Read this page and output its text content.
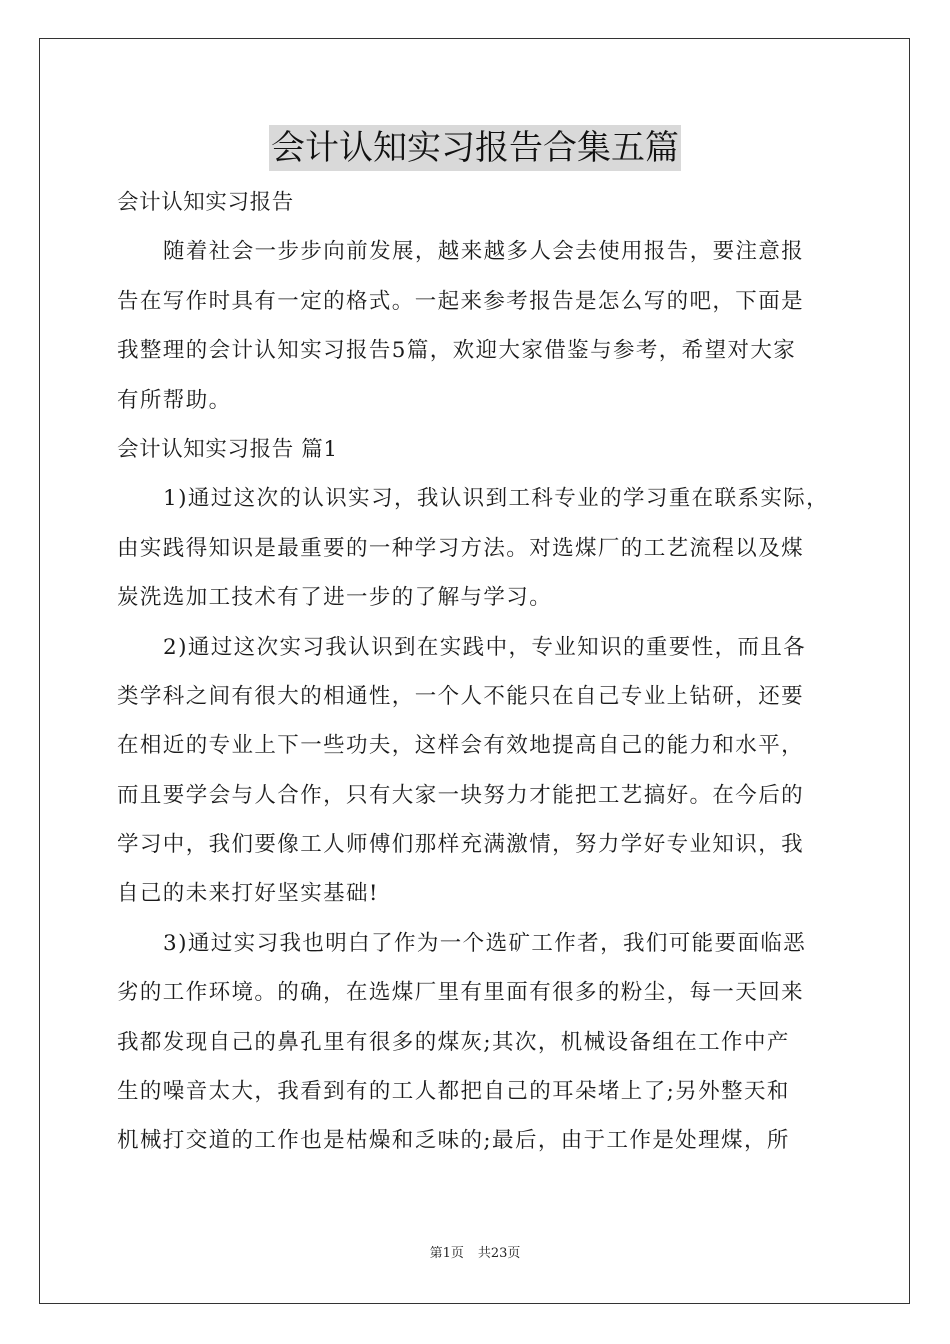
会计认知实习报告合集五篇
会计认知实习报告
随着社会一步步向前发展，越来越多人会去使用报告，要注意报
告在写作时具有一定的格式。一起来参考报告是怎么写的吧，下面是
我整理的会计认知实习报告5篇，欢迎大家借鉴与参考，希望对大家
有所帮助。
会计认知实习报告 篇1
1)通过这次的认识实习，我认识到工科专业的学习重在联系实际，
由实践得知识是最重要的一种学习方法。对选煤厂的工艺流程以及煤
炭洗选加工技术有了进一步的了解与学习。
2)通过这次实习我认识到在实践中，专业知识的重要性，而且各
类学科之间有很大的相通性，一个人不能只在自己专业上钻研，还要
在相近的专业上下一些功夫，这样会有效地提高自己的能力和水平，
而且要学会与人合作，只有大家一块努力才能把工艺搞好。在今后的
学习中，我们要像工人师傅们那样充满激情，努力学好专业知识，我
自己的未来打好坚实基础!
3)通过实习我也明白了作为一个选矿工作者，我们可能要面临恶
劣的工作环境。的确，在选煤厂里有里面有很多的粉尘，每一天回来
我都发现自己的鼻孔里有很多的煤灰;其次，机械设备组在工作中产
生的噪音太大，我看到有的工人都把自己的耳朵堵上了;另外整天和
机械打交道的工作也是枯燥和乏味的;最后，由于工作是处理煤，所
第1页 共23页
